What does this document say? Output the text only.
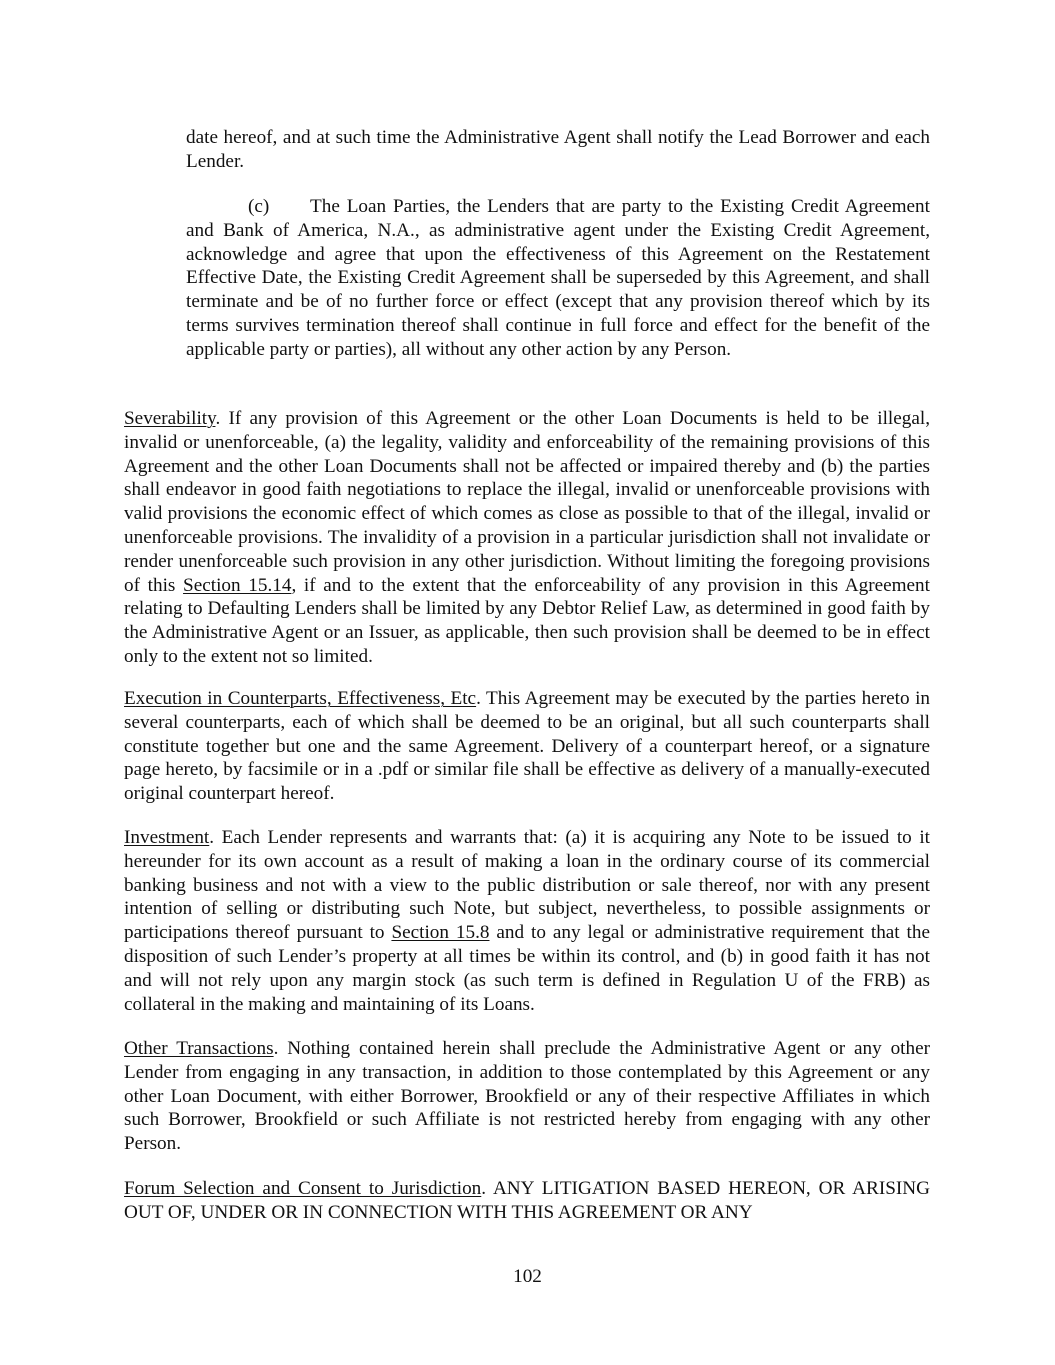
date hereof, and at such time the Administrative Agent shall notify the Lead Borrower and each Lender.

(c) The Loan Parties, the Lenders that are party to the Existing Credit Agreement and Bank of America, N.A., as administrative agent under the Existing Credit Agreement, acknowledge and agree that upon the effectiveness of this Agreement on the Restatement Effective Date, the Existing Credit Agreement shall be superseded by this Agreement, and shall terminate and be of no further force or effect (except that any provision thereof which by its terms survives termination thereof shall continue in full force and effect for the benefit of the applicable party or parties), all without any other action by any Person.

Severability. If any provision of this Agreement or the other Loan Documents is held to be illegal, invalid or unenforceable, (a) the legality, validity and enforceability of the remaining provisions of this Agreement and the other Loan Documents shall not be affected or impaired thereby and (b) the parties shall endeavor in good faith negotiations to replace the illegal, invalid or unenforceable provisions with valid provisions the economic effect of which comes as close as possible to that of the illegal, invalid or unenforceable provisions. The invalidity of a provision in a particular jurisdiction shall not invalidate or render unenforceable such provision in any other jurisdiction. Without limiting the foregoing provisions of this Section 15.14, if and to the extent that the enforceability of any provision in this Agreement relating to Defaulting Lenders shall be limited by any Debtor Relief Law, as determined in good faith by the Administrative Agent or an Issuer, as applicable, then such provision shall be deemed to be in effect only to the extent not so limited.

Execution in Counterparts, Effectiveness, Etc. This Agreement may be executed by the parties hereto in several counterparts, each of which shall be deemed to be an original, but all such counterparts shall constitute together but one and the same Agreement. Delivery of a counterpart hereof, or a signature page hereto, by facsimile or in a .pdf or similar file shall be effective as delivery of a manually-executed original counterpart hereof.

Investment. Each Lender represents and warrants that: (a) it is acquiring any Note to be issued to it hereunder for its own account as a result of making a loan in the ordinary course of its commercial banking business and not with a view to the public distribution or sale thereof, nor with any present intention of selling or distributing such Note, but subject, nevertheless, to possible assignments or participations thereof pursuant to Section 15.8 and to any legal or administrative requirement that the disposition of such Lender’s property at all times be within its control, and (b) in good faith it has not and will not rely upon any margin stock (as such term is defined in Regulation U of the FRB) as collateral in the making and maintaining of its Loans.

Other Transactions. Nothing contained herein shall preclude the Administrative Agent or any other Lender from engaging in any transaction, in addition to those contemplated by this Agreement or any other Loan Document, with either Borrower, Brookfield or any of their respective Affiliates in which such Borrower, Brookfield or such Affiliate is not restricted hereby from engaging with any other Person.

Forum Selection and Consent to Jurisdiction. ANY LITIGATION BASED HEREON, OR ARISING OUT OF, UNDER OR IN CONNECTION WITH THIS AGREEMENT OR ANY

102
